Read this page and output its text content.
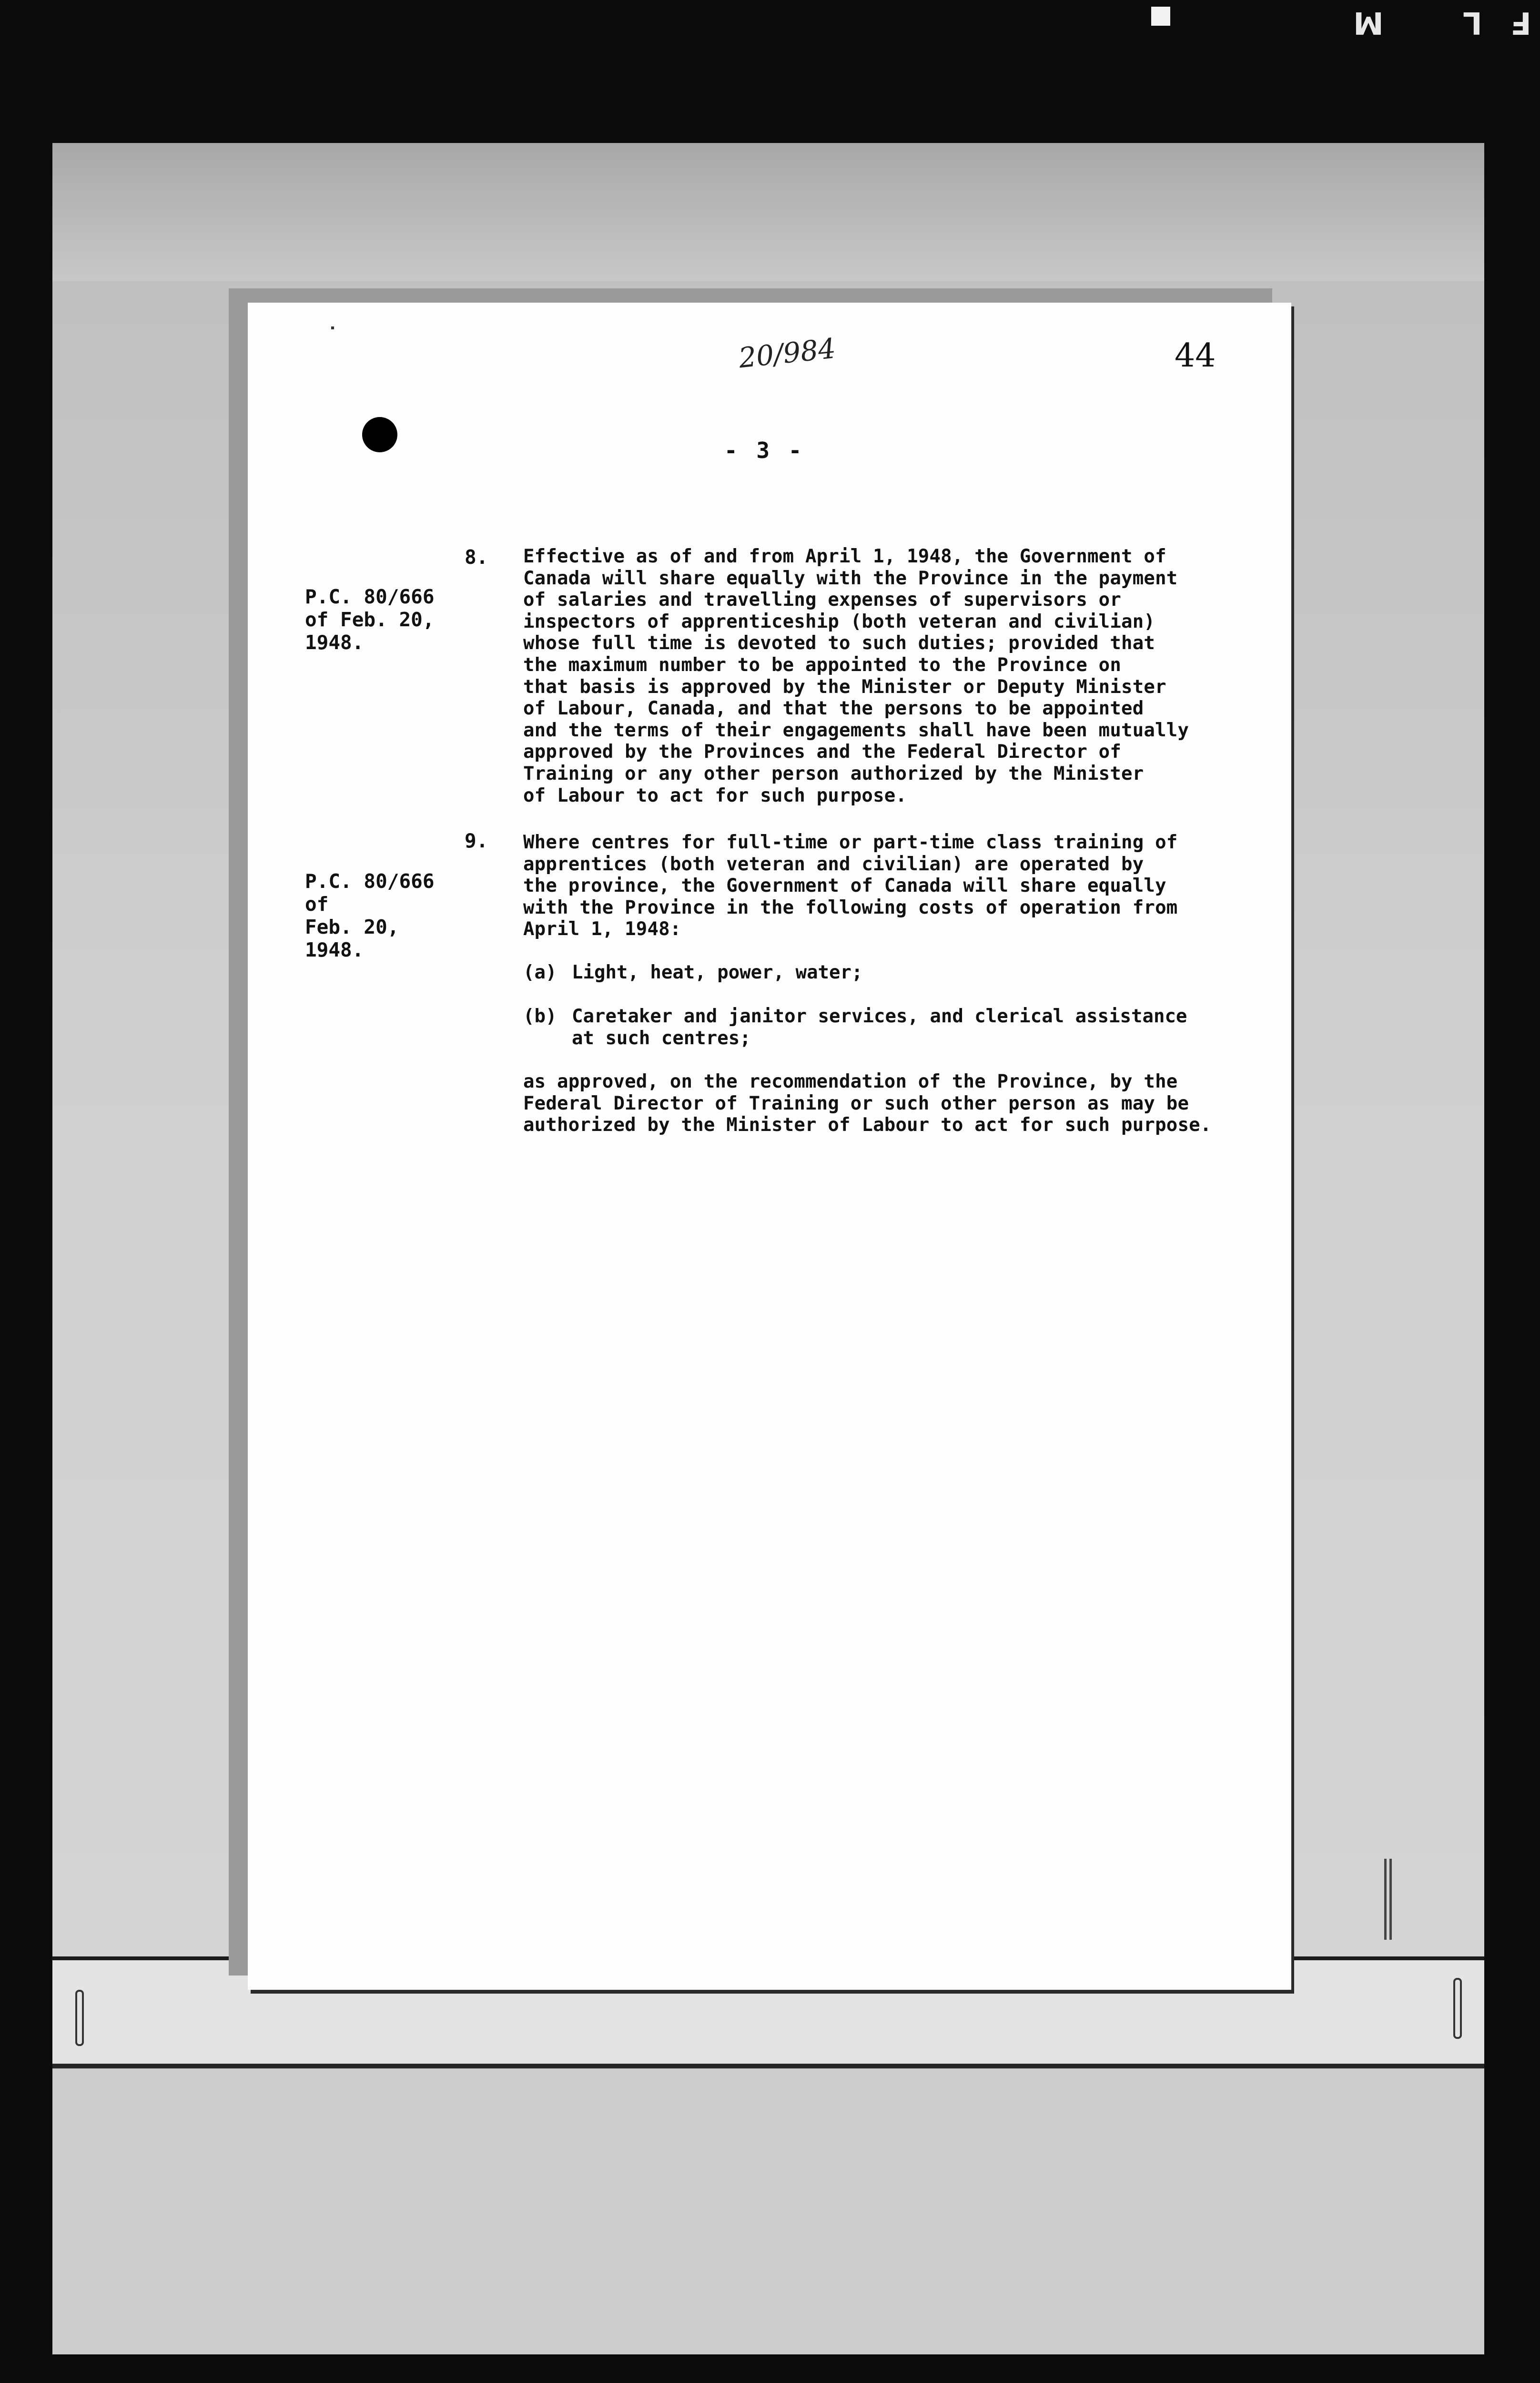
M	L F
20/984	44
- 3 -
8.
P.C. 80/666
of Feb. 20,
1948.
Effective as of and from April 1, 1948, the Government of
Canada will share equally with the Province in the payment
of salaries and travelling expenses of supervisors or
inspectors of apprenticeship (both veteran and civilian)
whose full time is devoted to such duties; provided that
the maximum number to be appointed to the Province on
that basis is approved by the Minister or Deputy Minister
of Labour, Canada, and that the persons to be appointed
and the terms of their engagements shall have been mutually
approved by the Provinces and the Federal Director of
Training or any other person authorized by the Minister
of Labour to act for such purpose.
9.
P.C. 80/666
of
Feb. 20,
1948.
Where centres for full-time or part-time class training of
apprentices (both veteran and civilian) are operated by
the province, the Government of Canada will share equally
with the Province in the following costs of operation from
April 1, 1948:
(a) Light, heat, power, water;
(b) Caretaker and janitor services, and clerical assistance
at such centres;
as approved, on the recommendation of the Province, by the
Federal Director of Training or such other person as may be
authorized by the Minister of Labour to act for such purpose.
